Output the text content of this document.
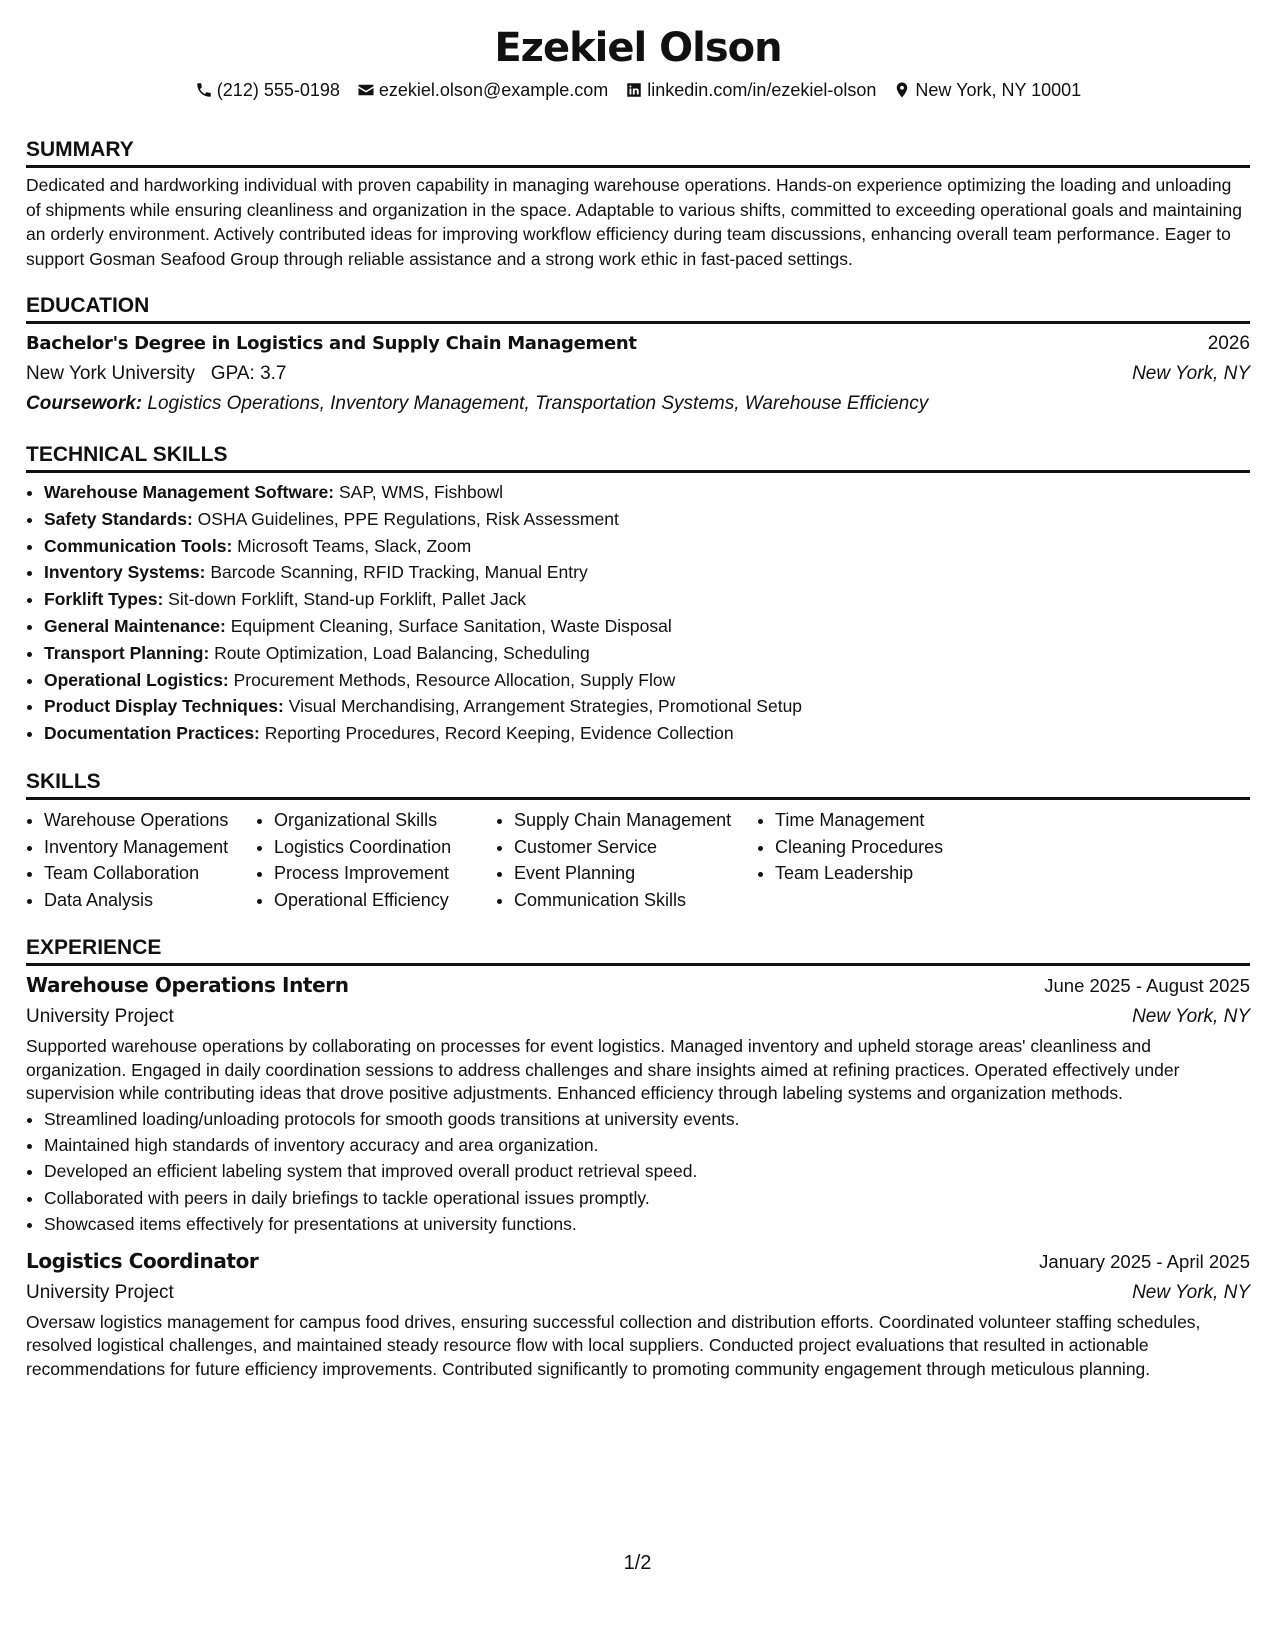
Ezekiel Olson
(212) 555-0198 ezekiel.olson@example.com linkedin.com/in/ezekiel-olson New York, NY 10001
SUMMARY
Dedicated and hardworking individual with proven capability in managing warehouse operations. Hands-on experience optimizing the loading and unloading of shipments while ensuring cleanliness and organization in the space. Adaptable to various shifts, committed to exceeding operational goals and maintaining an orderly environment. Actively contributed ideas for improving workflow efficiency during team discussions, enhancing overall team performance. Eager to support Gosman Seafood Group through reliable assistance and a strong work ethic in fast-paced settings.
EDUCATION
Bachelor's Degree in Logistics and Supply Chain Management	2026
New York University GPA: 3.7	New York, NY
Coursework: Logistics Operations, Inventory Management, Transportation Systems, Warehouse Efficiency
TECHNICAL SKILLS
• Warehouse Management Software: SAP, WMS, Fishbowl
• Safety Standards: OSHA Guidelines, PPE Regulations, Risk Assessment
• Communication Tools: Microsoft Teams, Slack, Zoom
• Inventory Systems: Barcode Scanning, RFID Tracking, Manual Entry
• Forklift Types: Sit-down Forklift, Stand-up Forklift, Pallet Jack
• General Maintenance: Equipment Cleaning, Surface Sanitation, Waste Disposal
• Transport Planning: Route Optimization, Load Balancing, Scheduling
• Operational Logistics: Procurement Methods, Resource Allocation, Supply Flow
• Product Display Techniques: Visual Merchandising, Arrangement Strategies, Promotional Setup
• Documentation Practices: Reporting Procedures, Record Keeping, Evidence Collection
SKILLS
• Warehouse Operations
• Inventory Management
• Team Collaboration
• Data Analysis
• Organizational Skills
• Logistics Coordination
• Process Improvement
• Operational Efficiency
• Supply Chain Management
• Customer Service
• Event Planning
• Communication Skills
• Time Management
• Cleaning Procedures
• Team Leadership
EXPERIENCE
Warehouse Operations Intern	June 2025 - August 2025
University Project	New York, NY
Supported warehouse operations by collaborating on processes for event logistics. Managed inventory and upheld storage areas' cleanliness and organization. Engaged in daily coordination sessions to address challenges and share insights aimed at refining practices. Operated effectively under supervision while contributing ideas that drove positive adjustments. Enhanced efficiency through labeling systems and organization methods.
• Streamlined loading/unloading protocols for smooth goods transitions at university events.
• Maintained high standards of inventory accuracy and area organization.
• Developed an efficient labeling system that improved overall product retrieval speed.
• Collaborated with peers in daily briefings to tackle operational issues promptly.
• Showcased items effectively for presentations at university functions.
Logistics Coordinator	January 2025 - April 2025
University Project	New York, NY
Oversaw logistics management for campus food drives, ensuring successful collection and distribution efforts. Coordinated volunteer staffing schedules, resolved logistical challenges, and maintained steady resource flow with local suppliers. Conducted project evaluations that resulted in actionable recommendations for future efficiency improvements. Contributed significantly to promoting community engagement through meticulous planning.
1/2
